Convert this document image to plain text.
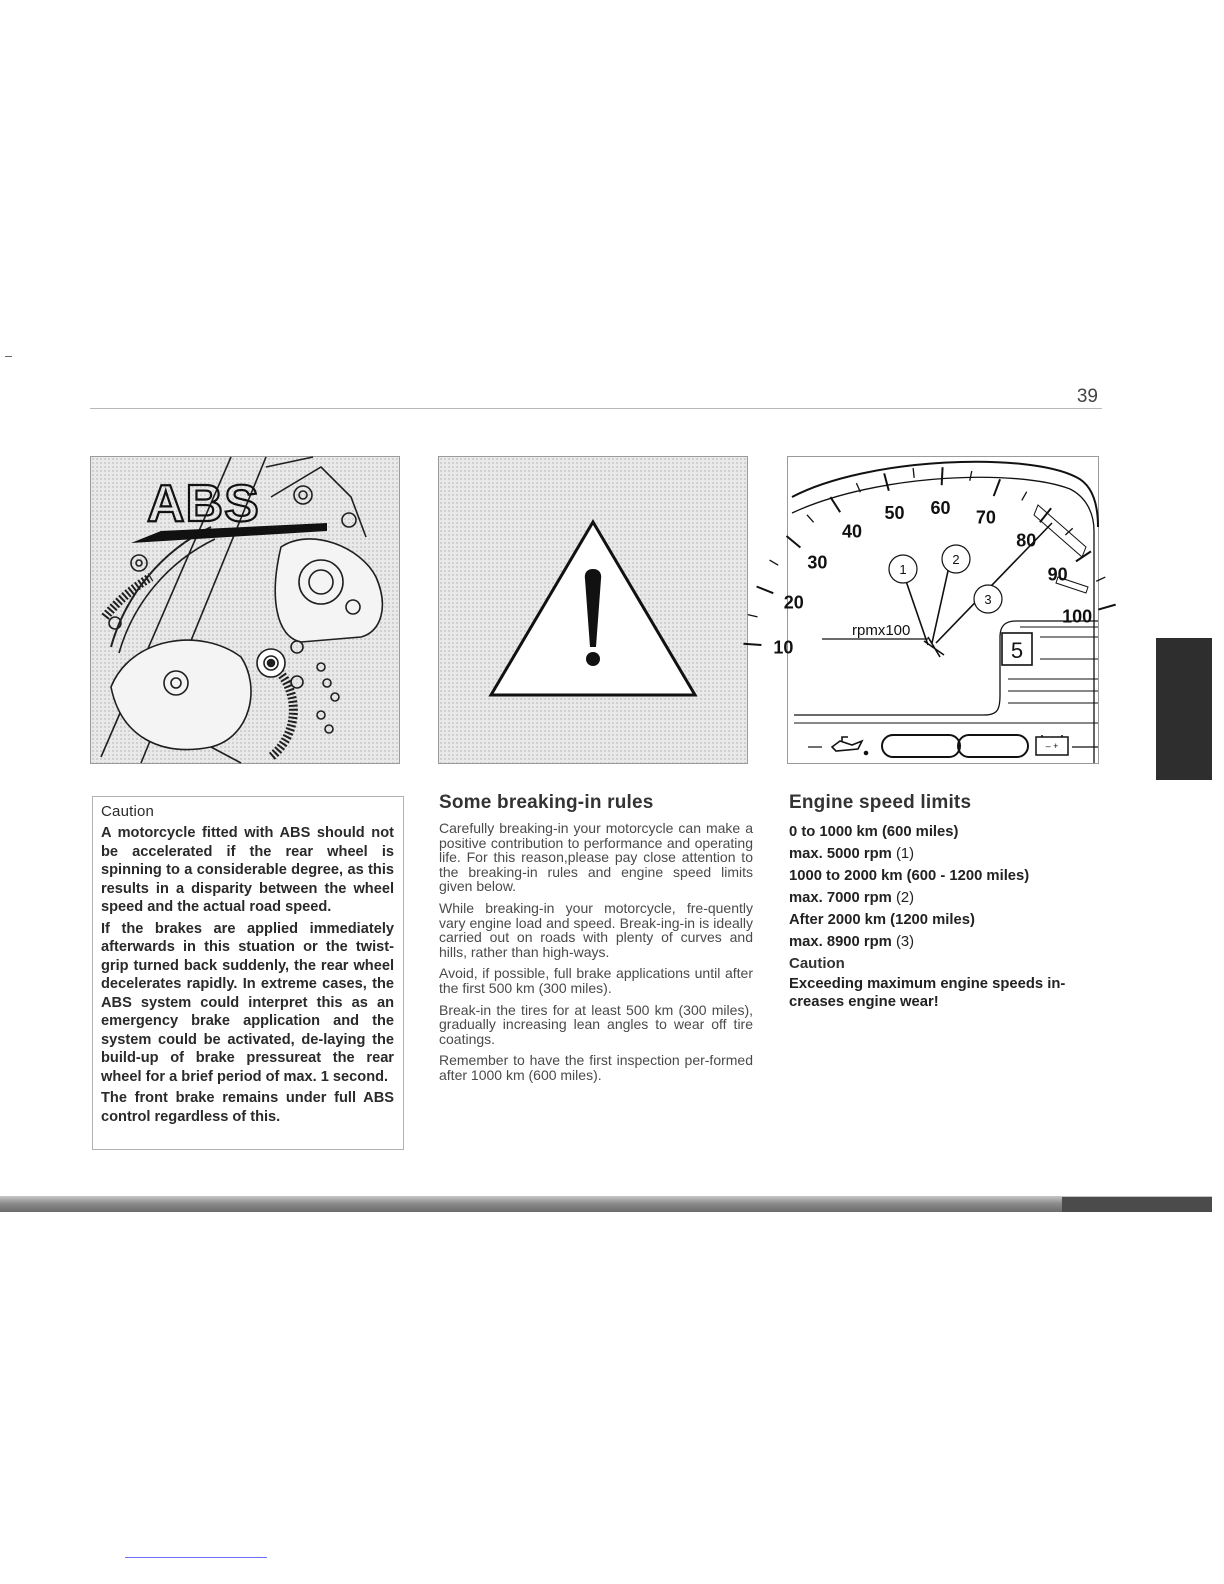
39
ABS
10
20
30
40
50 60 70
80
90
100
rpmx100
1
2
3
5
– +
Caution

A motorcycle fitted with ABS should not be accelerated if the rear wheel is spinning to a considerable degree, as this results in a disparity between the wheel speed and the actual road speed.

If the brakes are applied immediately afterwards in this stuation or the twist-grip turned back suddenly, the rear wheel decelerates rapidly. In extreme cases, the ABS system could interpret this as an emergency brake application and the system could be activated, de-laying the build-up of brake pressureat the rear wheel for a brief period of max. 1 second.

The front brake remains under full ABS control regardless of this.

Some breaking-in rules

Carefully breaking-in your motorcycle can make a positive contribution to performance and operating life. For this reason,please pay close attention to the breaking-in rules and engine speed limits given below.

While breaking-in your motorcycle, fre-quently vary engine load and speed. Break-ing-in is ideally carried out on roads with plenty of curves and hills, rather than high-ways.

Avoid, if possible, full brake applications until after the first 500 km (300 miles).

Break-in the tires for at least 500 km (300 miles), gradually increasing lean angles to wear off tire coatings.

Remember to have the first inspection per-formed after 1000 km (600 miles).

Engine speed limits
0 to 1000 km (600 miles)
max. 5000 rpm (1)
1000 to 2000 km (600 - 1200 miles)
max. 7000 rpm (2)
After 2000 km (1200 miles)
max. 8900 rpm (3)
Caution
Exceeding maximum engine speeds in-creases engine wear!
